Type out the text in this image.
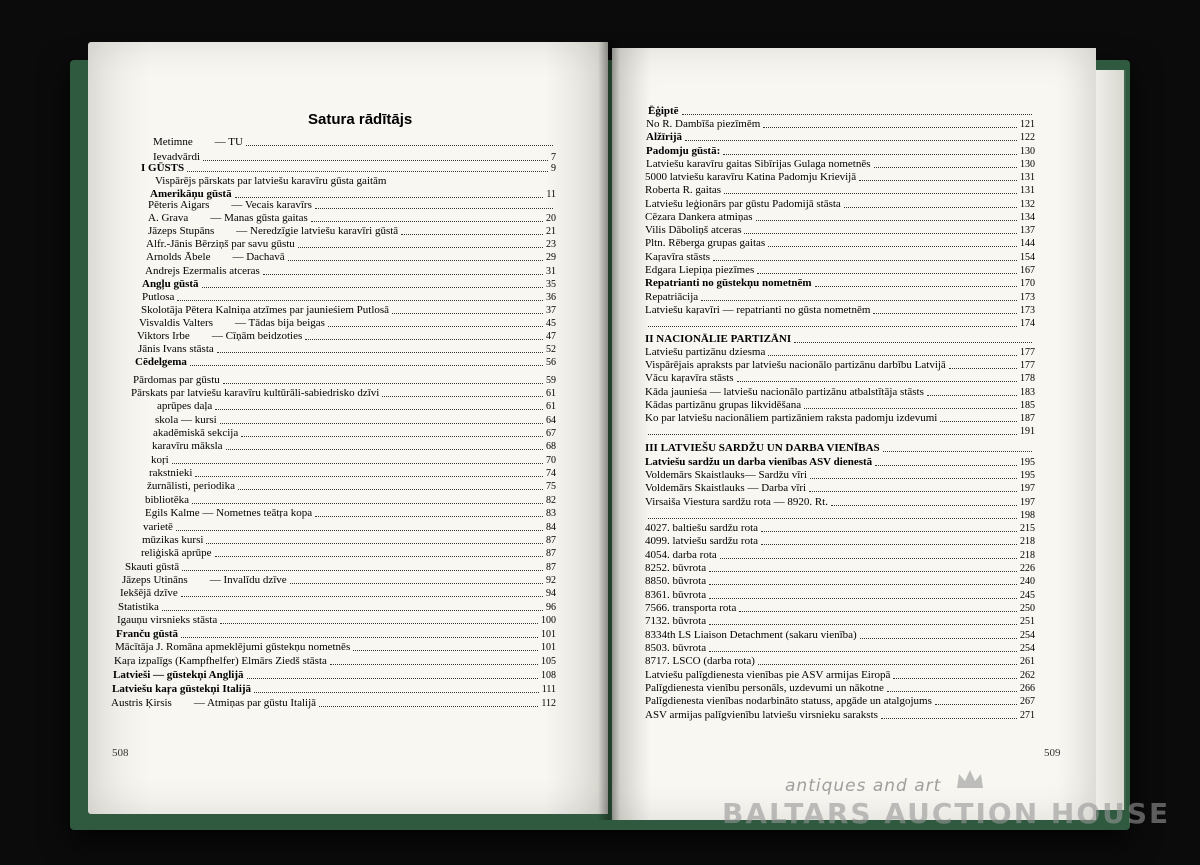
Satura rādītājs
Metimne — TU
Ievadvārdi	7
I GŪSTS	9
Vispārējs pārskats par latviešu karavīru gūsta gaitām
Amerikāņu gūstā	11
Pēteris Aigars — Vecais karavīrs
A. Grava — Manas gūsta gaitas	20
Jāzeps Stupāns — Neredzīgie latviešu karavīri gūstā	21
Alfr.-Jānis Bērziņš par savu gūstu	23
Arnolds Ābele — Dachavā	29
Andrejs Ezermalis atceras	31
Angļu gūstā	35
Putlosa	36
Skolotāja Pētera Kalniņa atzīmes par jaunieśiem Putlosā	37
Visvaldis Valters — Tādas bija beigas	45
Viktors Irbe — Cīņām beidzoties	47
Jānis Ivans stāsta	52
Cēdelgema	56
Pārdomas par gūstu	59
Pārskats par latviešu karavīru kultūrāli-sabiedrisko dzīvi	61
aprūpes daļa	61
skola — kursi	64
akadēmiskā sekcija	67
karavīru māksla	68
koŗi	70
rakstnieki	74
žurnālisti, periodika	75
bibliotēka	82
Egils Kalme — Nometnes teātŗa kopa	83
varietē	84
mūzikas kursi	87
reliģiskā aprūpe	87
Skauti gūstā	87
Jāzeps Utināns — Invalīdu dzīve	92
Iekšējā dzīve	94
Statistika	96
Igauņu virsnieks stāsta	100
Franču gūstā	101
Mācītāja J. Romāna apmeklējumi gūstekņu nometnēs	101
Kaŗa izpalīgs (Kampfhelfer) Elmārs Ziedš stāsta	105
Latvieši — gūstekņi Anglijā	108
Latviešu kaŗa gūstekņi Italijā	111
Austris Ķirsis — Atmiņas par gūstu Italijā	112
Ēģiptē
No R. Dambīša piezīmēm	121
Alžīrijā	122
Padomju gūstā:	130
Latviešu karavīru gaitas Sibīrijas Gulaga nometnēs	130
5000 latviešu karavīru Katina Padomju Krievijā	131
Roberta R. gaitas	131
Latviešu leģionārs par gūstu Padomijā stāsta	132
Cēzara Dankera atmiņas	134
Vilis Dāboliņš atceras	137
Pltn. Rēberga grupas gaitas	144
Kaŗavīra stāsts	154
Edgara Liepiņa piezīmes	167
Repatrianti no gūstekņu nometnēm	170
Repatriācija	173
Latviešu kaŗavīri — repatrianti no gūsta nometnēm	173
174
II NACIONĀLIE PARTIZĀNI
Latviešu partizānu dziesma	177
Vispārējais apraksts par latviešu nacionālo partizānu darbību Latvijā	177
Vācu kaŗavīra stāsts	178
Kāda jaunieśa — latviešu nacionālo partizānu atbalstītāja stāsts	183
Kādas partizānu grupas likvidēšana	185
Ko par latviešu nacionāliem partizāniem raksta padomju izdevumi	187
191
III LATVIEŠU SARDŽU UN DARBA VIENĪBAS
Latviešu sardžu un darba vienības ASV dienestā	195
Voldemārs Skaistlauks— Sardžu vīri	195
Voldemārs Skaistlauks — Darba vīri	197
Virsaiša Viestura sardžu rota — 8920. Rt.	197
198
4027. baltiešu sardžu rota	215
4099. latviešu sardžu rota	218
4054. darba rota	218
8252. būvrota	226
8850. būvrota	240
8361. būvrota	245
7566. transporta rota	250
7132. būvrota	251
8334th LS Liaison Detachment (sakaru vienība)	254
8503. būvrota	254
8717. LSCO (darba rota)	261
Latviešu palīgdienesta vienības pie ASV armijas Eiropā	262
Palīgdienesta vienību personāls, uzdevumi un nākotne	266
Palīgdienesta vienības nodarbināto statuss, apgāde un atalgojums	267
ASV armijas palīgvienību latviešu virsnieku saraksts	271
508	509
antiques and art
BALTARS AUCTION HOUSE
